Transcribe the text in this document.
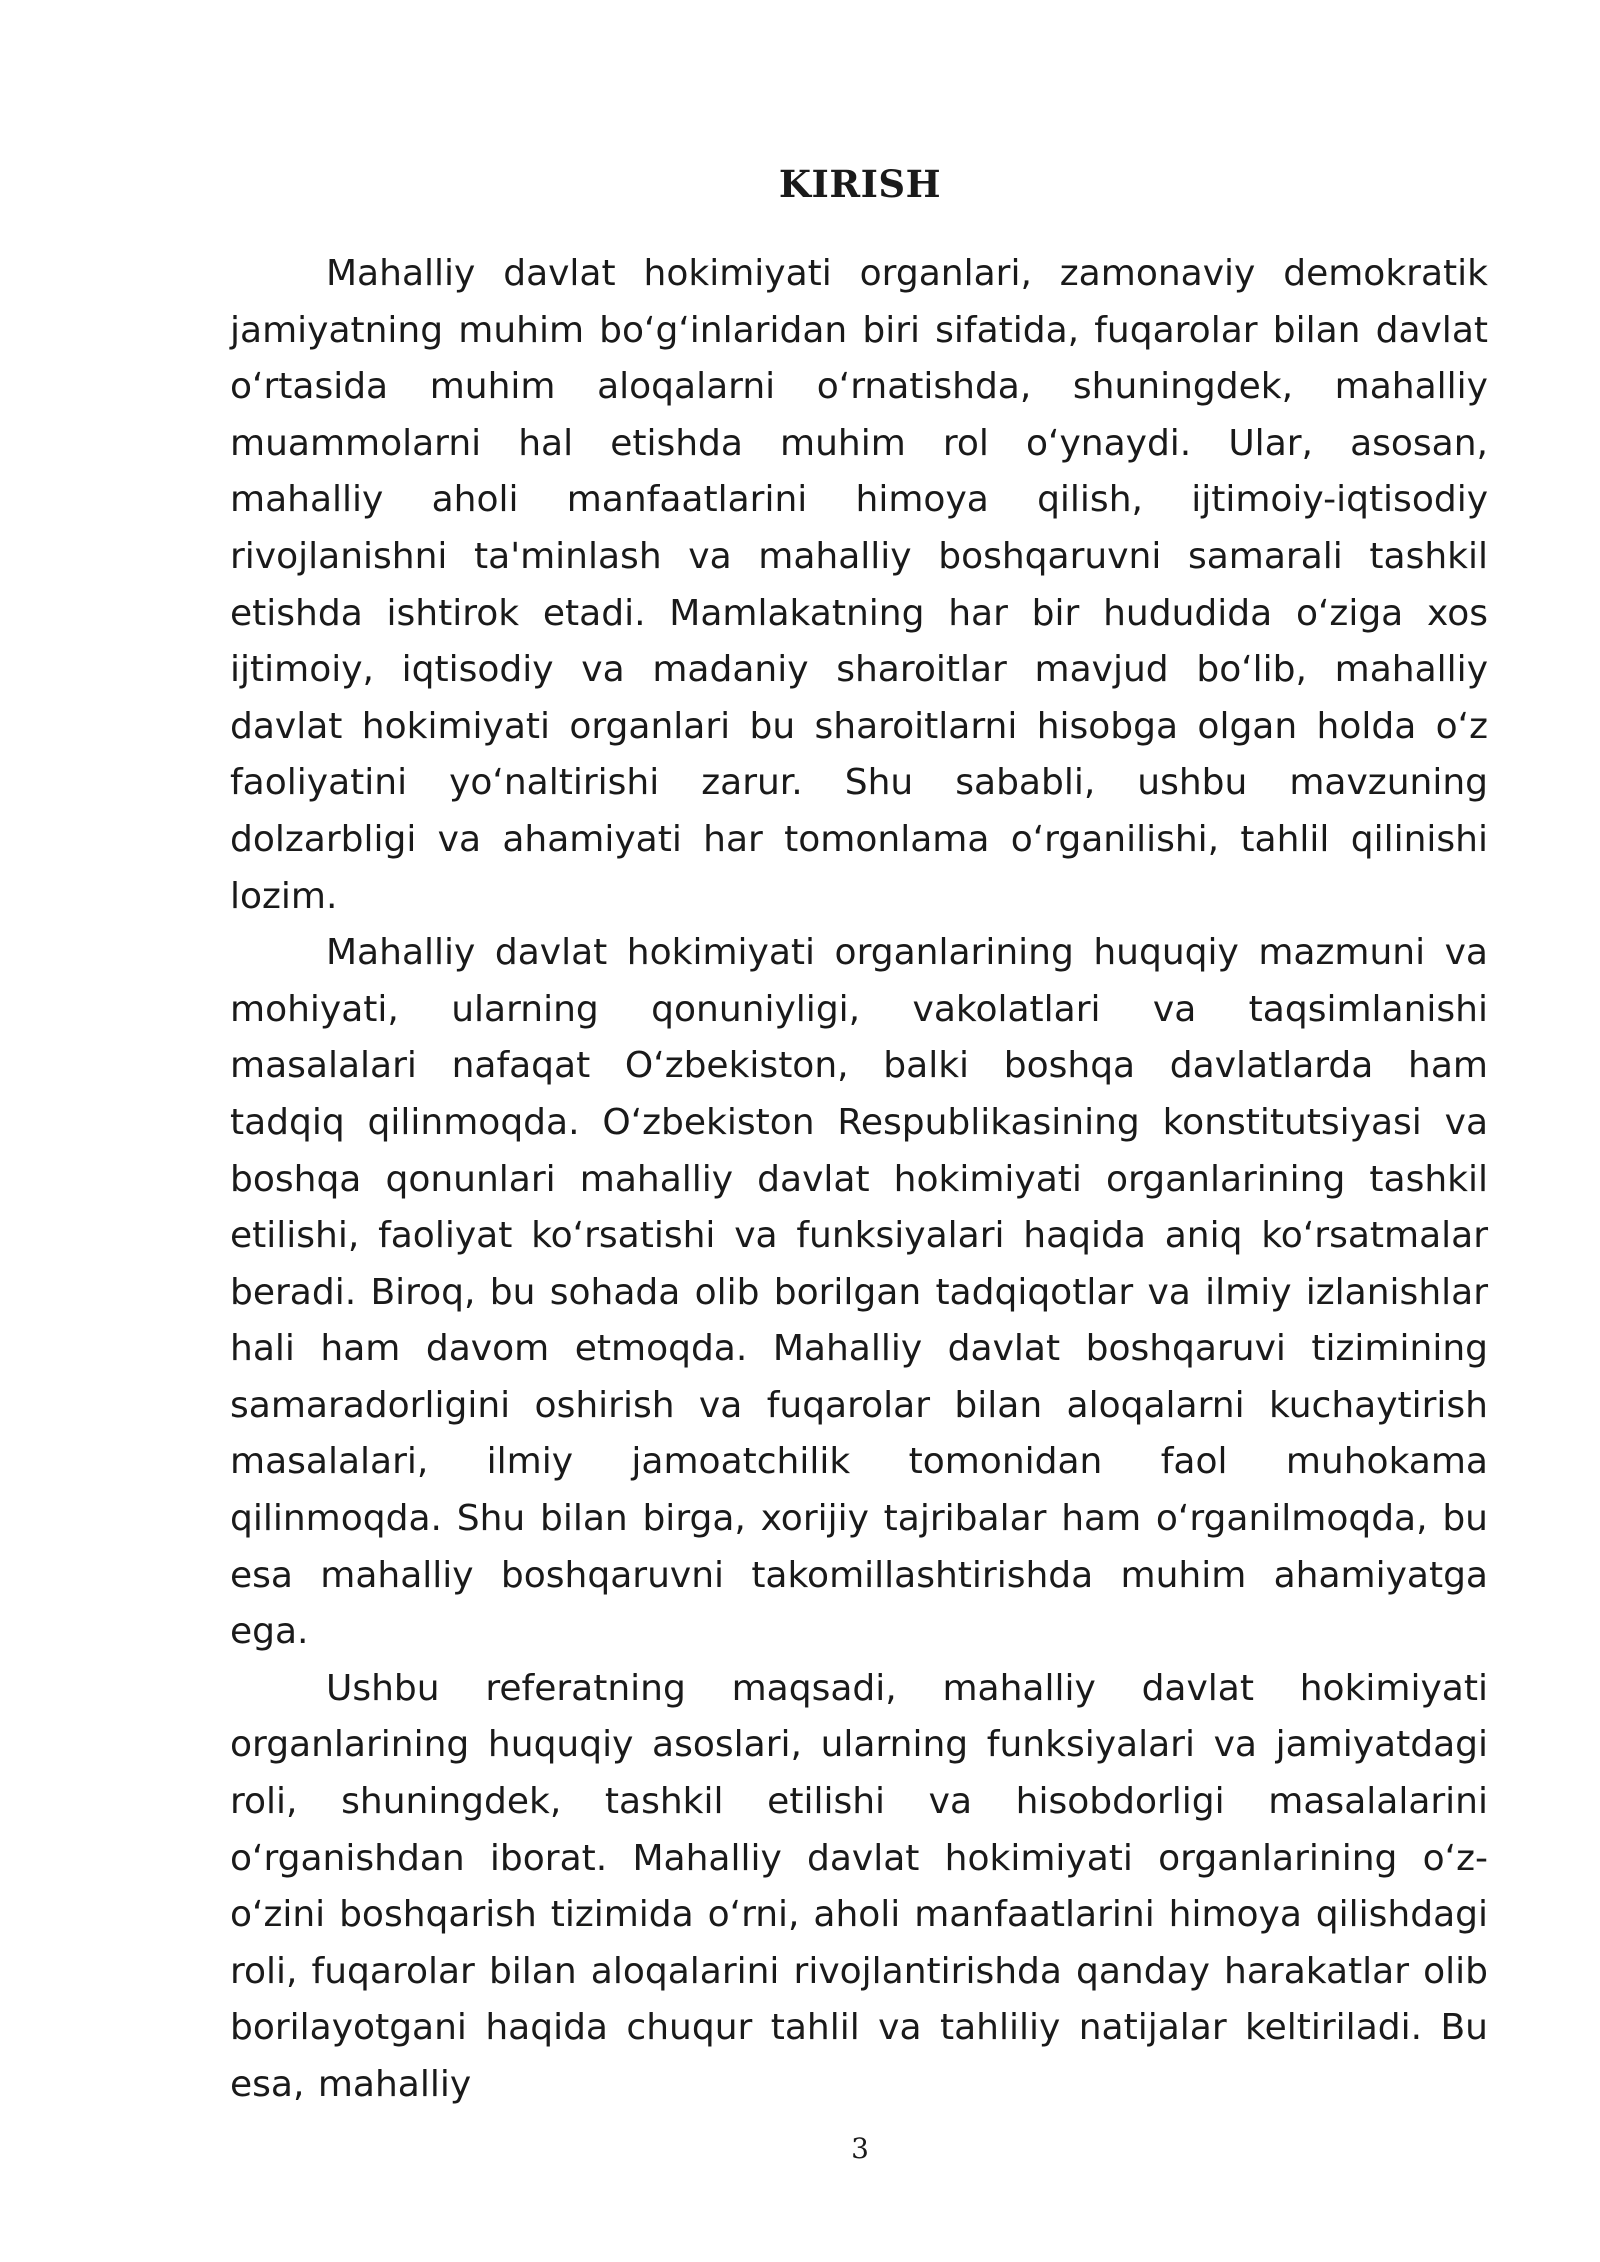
KIRISH

Mahalliy davlat hokimiyati organlari, zamonaviy demokratik jamiyatning muhim boʻgʻinlaridan biri sifatida, fuqarolar bilan davlat oʻrtasida muhim aloqalarni oʻrnatishda, shuningdek, mahalliy muammolarni hal etishda muhim rol oʻynaydi. Ular, asosan, mahalliy aholi manfaatlarini himoya qilish, ijtimoiy-iqtisodiy rivojlanishni ta'minlash va mahalliy boshqaruvni samarali tashkil etishda ishtirok etadi. Mamlakatning har bir hududida oʻziga xos ijtimoiy, iqtisodiy va madaniy sharoitlar mavjud boʻlib, mahalliy davlat hokimiyati organlari bu sharoitlarni hisobga olgan holda oʻz faoliyatini yoʻnaltirishi zarur. Shu sababli, ushbu mavzuning dolzarbligi va ahamiyati har tomonlama oʻrganilishi, tahlil qilinishi lozim.

Mahalliy davlat hokimiyati organlarining huquqiy mazmuni va mohiyati, ularning qonuniyligi, vakolatlari va taqsimlanishi masalalari nafaqat Oʻzbekiston, balki boshqa davlatlarda ham tadqiq qilinmoqda. Oʻzbekiston Respublikasining konstitutsiyasi va boshqa qonunlari mahalliy davlat hokimiyati organlarining tashkil etilishi, faoliyat koʻrsatishi va funksiyalari haqida aniq koʻrsatmalar beradi. Biroq, bu sohada olib borilgan tadqiqotlar va ilmiy izlanishlar hali ham davom etmoqda. Mahalliy davlat boshqaruvi tizimining samaradorligini oshirish va fuqarolar bilan aloqalarni kuchaytirish masalalari, ilmiy jamoatchilik tomonidan faol muhokama qilinmoqda. Shu bilan birga, xorijiy tajribalar ham oʻrganilmoqda, bu esa mahalliy boshqaruvni takomillashtirishda muhim ahamiyatga ega.

Ushbu referatning maqsadi, mahalliy davlat hokimiyati organlarining huquqiy asoslari, ularning funksiyalari va jamiyatdagi roli, shuningdek, tashkil etilishi va hisobdorligi masalalarini oʻrganishdan iborat. Mahalliy davlat hokimiyati organlarining oʻz-oʻzini boshqarish tizimida oʻrni, aholi manfaatlarini himoya qilishdagi roli, fuqarolar bilan aloqalarini rivojlantirishda qanday harakatlar olib borilayotgani haqida chuqur tahlil va tahliliy natijalar keltiriladi. Bu esa, mahalliy

3
